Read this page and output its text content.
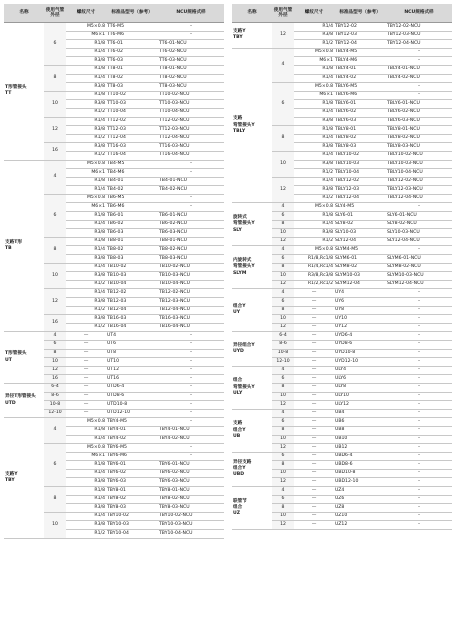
名称	使用气管外径	螺纹尺寸	标准品型号（参考）	NCU规格式样
T形管接头
TT	6	M5×0.8	TT6-M5	–
		M6×1	TT6-M6	–
		R1/8	TT6-01	TT6-01-NCU
		R1/4	TT6-02	TT6-02-NCU
		R3/8	TT6-03	TT6-03-NCU
	8	R1/8	TT8-01	TT8-01-NCU
		R1/4	TT8-02	TT8-02-NCU
		R3/8	TT8-03	TT8-03-NCU
	10	R1/8	TT10-02	TT10-02-NCU
		R3/8	TT10-03	TT10-03-NCU
		R1/2	TT10-04	TT10-04-NCU
	12	R1/4	TT12-02	TT12-02-NCU
		R3/8	TT12-03	TT12-03-NCU
		R1/2	TT12-04	TT12-04-NCU
	16	R3/8	TT16-03	TT16-03-NCU
		R1/2	TT16-04	TT16-04-NCU
支路T形
TB	4	M5×0.8	TB4-M5	–
		M6×1	TB4-M6	–
		R1/8	TB4-01	TB4-01-NCU
		R1/4	TB4-02	TB4-02-NCU
	6	M5×0.8	TB6-M5	–
		M6×1	TB6-M6	–
		R1/8	TB6-01	TB6-01-NCU
		R1/4	TB6-02	TB6-02-NCU
		R3/8	TB6-03	TB6-03-NCU
	8	R1/8	TB8-01	TB8-01-NCU
		R1/4	TB8-02	TB8-02-NCU
		R3/8	TB8-03	TB8-03-NCU
	10	R1/4	TB10-02	TB10-02-NCU
		R3/8	TB10-03	TB10-03-NCU
		R1/2	TB10-04	TB10-04-NCU
	12	R1/4	TB12-02	TB12-02-NCU
		R3/8	TB12-03	TB12-03-NCU
		R1/2	TB12-04	TB12-04-NCU
	16	R3/8	TB16-03	TB16-03-NCU
		R1/2	TB16-04	TB16-04-NCU
T形管接头
UT	4	—	UT4	–
	6	—	UT6	–
	8	—	UT8	–
	10	—	UT10	–
	12	—	UT12	–
	16	—	UT16	–
异径T形管接头
UTD	6-4	—	UTD6-4	–
	8-6	—	UTD8-6	–
	10-8	—	UTD10-8	–
	12-10	—	UTD12-10	–
支路Y
TBY	4	M5×0.8	TBY4-M5	–
		R1/8	TBY4-01	TBY4-01-NCU
		R1/4	TBY4-02	TBY4-02-NCU
	6	M5×0.8	TBY6-M5	–
		M6×1	TBY6-M6	–
		R1/8	TBY6-01	TBY6-01-NCU
		R1/4	TBY6-02	TBY6-02-NCU
		R3/8	TBY6-03	TBY6-03-NCU
	8	R1/8	TBY8-01	TBY8-01-NCU
		R1/4	TBY8-02	TBY8-02-NCU
		R3/8	TBY8-03	TBY8-03-NCU
	10	R1/4	TBY10-02	TBY10-02-NCU
		R3/8	TBY10-03	TBY10-03-NCU
		R1/2	TBY10-04	TBY10-04-NCU
名称	使用气管外径	螺纹尺寸	标准品型号（参考）	NCU规格式样
支路Y
TBY	12	R1/4	TBY12-02	TBY12-02-NCU
		R3/8	TBY12-03	TBY12-03-NCU
		R1/2	TBY12-04	TBY12-04-NCU
支路
弯管接头Y
TBLY	4	M5×0.8	TBLY4-M5	–
		M6×1	TBLY4-M6	–
		R1/8	TBLY4-01	TBLY4-01-NCU
		R1/4	TBLY4-02	TBLY4-02-NCU
	6	M5×0.8	TBLY6-M5	–
		M6×1	TBLY6-M6	–
		R1/8	TBLY6-01	TBLY6-01-NCU
		R1/4	TBLY6-02	TBLY6-02-NCU
		R3/8	TBLY6-03	TBLY6-03-NCU
	8	R1/8	TBLY8-01	TBLY8-01-NCU
		R1/4	TBLY8-02	TBLY8-02-NCU
		R3/8	TBLY8-03	TBLY8-03-NCU
	10	R1/4	TBLY10-02	TBLY10-02-NCU
		R3/8	TBLY10-03	TBLY10-03-NCU
		R1/2	TBLY10-04	TBLY10-04-NCU
	12	R1/4	TBLY12-02	TBLY12-02-NCU
		R3/8	TBLY12-03	TBLY12-03-NCU
		R1/2	TBLY12-04	TBLY12-04-NCU
旋转式
弯管接头Y
SLY	4	M5×0.8	SLY4-M5	–
	6	R1/8	SLY6-01	SLY6-01-NCU
	8	R1/4	SLY8-02	SLY8-02-NCU
	10	R3/8	SLY10-03	SLY10-03-NCU
	12	R1/2	SLY12-04	SLY12-04-NCU
内旋转式
弯管接头Y
SLYM	4	M5×0.8	SLYM4-M5	–
	6	R1/8,Rc1/8	SLYM6-01	SLYM6-01-NCU
	8	R1/4,Rc1/4	SLYM8-02	SLYM8-02-NCU
	10	R3/8,Rc3/8	SLYM10-03	SLYM10-03-NCU
	12	R1/2,Rc1/2	SLYM12-04	SLYM12-04-NCU
组合Y
UY	4	—	UY4	–
	6	—	UY6	–
	8	—	UY8	–
	10	—	UY10	–
	12	—	UY12	–
异径组合Y
UYD	6-4	—	UYD6-4	–
	8-6	—	UYD8-6	–
	10-8	—	UYD10-8	–
	12-10	—	UYD12-10	–
组合
弯管接头Y
ULY	4	—	ULY4	–
	6	—	ULY6	–
	8	—	ULY8	–
	10	—	ULY10	–
	12	—	ULY12	–
支路
组合Y
UB	4	—	UB4	–
	6	—	UB6	–
	8	—	UB8	–
	10	—	UB10	–
	12	—	UB12	–
异径支路
组合Y
UBD	6	—	UBD6-4	–
	8	—	UBD8-6	–
	10	—	UBD10-8	–
	12	—	UBD12-10	–
联管节
组合
UZ	4	—	UZ4	–
	6	—	UZ6	–
	8	—	UZ8	–
	10	—	UZ10	–
	12	—	UZ12	–
